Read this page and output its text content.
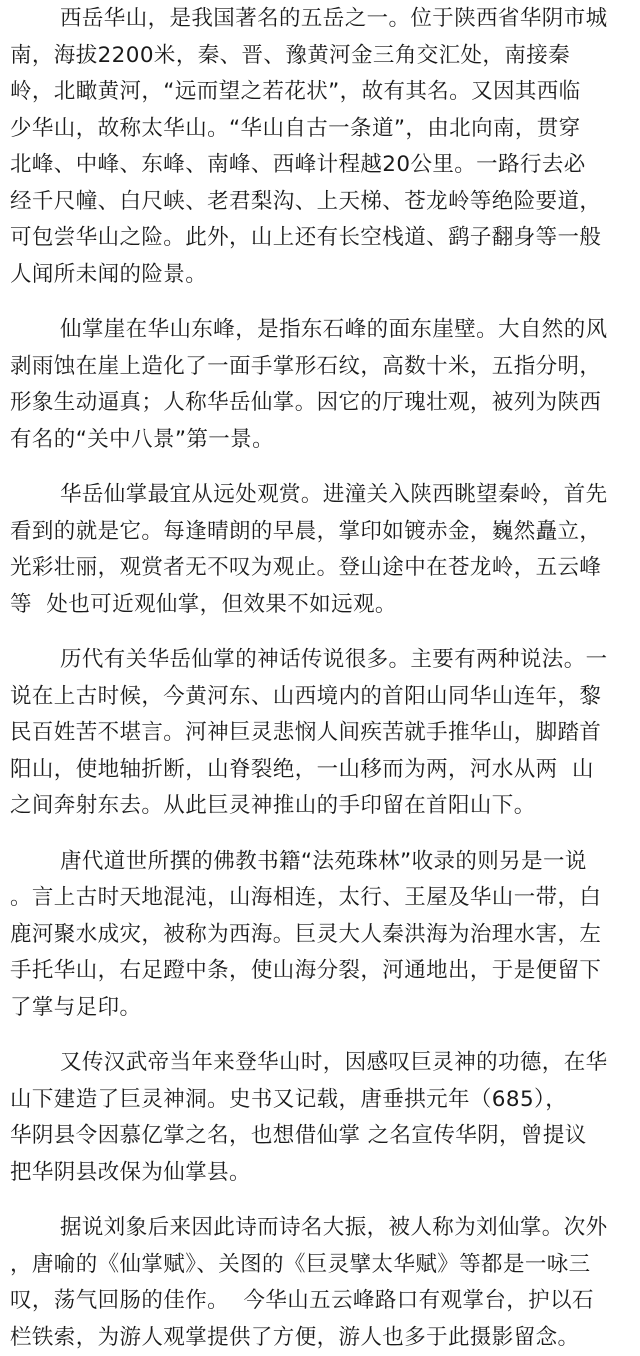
西岳华山，是我国著名的五岳之一。位于陕西省华阴市城
南，海拔2200米，秦、晋、豫黄河金三角交汇处，南接秦
岭，北瞰黄河，“远而望之若花状”，故有其名。又因其西临
少华山，故称太华山。“华山自古一条道”，由北向南，贯穿
北峰、中峰、东峰、南峰、西峰计程越20公里。一路行去必
经千尺幢、白尺峡、老君梨沟、上天梯、苍龙岭等绝险要道，
可包尝华山之险。此外，山上还有长空栈道、鹞子翻身等一般
人闻所未闻的险景。
仙掌崖在华山东峰，是指东石峰的面东崖壁。大自然的风
剥雨蚀在崖上造化了一面手掌形石纹，高数十米，五指分明，
形象生动逼真；人称华岳仙掌。因它的厅瑰壮观，被列为陕西
有名的“关中八景”第一景。
华岳仙掌最宜从远处观赏。进潼关入陕西眺望秦岭，首先
看到的就是它。每逢晴朗的早晨，掌印如镀赤金，巍然矗立，
光彩壮丽，观赏者无不叹为观止。登山途中在苍龙岭，五云峰
等  处也可近观仙掌，但效果不如远观。
历代有关华岳仙掌的神话传说很多。主要有两种说法。一
说在上古时候，今黄河东、山西境内的首阳山同华山连年，黎
民百姓苦不堪言。河神巨灵悲悯人间疾苦就手推华山，脚踏首
阳山，使地轴折断，山脊裂绝，一山移而为两，河水从两  山
之间奔射东去。从此巨灵神推山的手印留在首阳山下。
唐代道世所撰的佛教书籍“法苑珠林”收录的则另是一说
。言上古时天地混沌，山海相连，太行、王屋及华山一带，白
鹿河聚水成灾，被称为西海。巨灵大人秦洪海为治理水害，左
手托华山，右足蹬中条，使山海分裂，河通地出，于是便留下
了掌与足印。
又传汉武帝当年来登华山时，因感叹巨灵神的功德，在华
山下建造了巨灵神洞。史书又记载，唐垂拱元年（685），
华阴县令因慕亿掌之名，也想借仙掌 之名宣传华阴，曾提议
把华阴县改保为仙掌县。
据说刘象后来因此诗而诗名大振，被人称为刘仙掌。次外
，唐喻的《仙掌赋》、关图的《巨灵擘太华赋》等都是一咏三
叹，荡气回肠的佳作。  今华山五云峰路口有观掌台，护以石
栏铁索，为游人观掌提供了方便，游人也多于此摄影留念。
